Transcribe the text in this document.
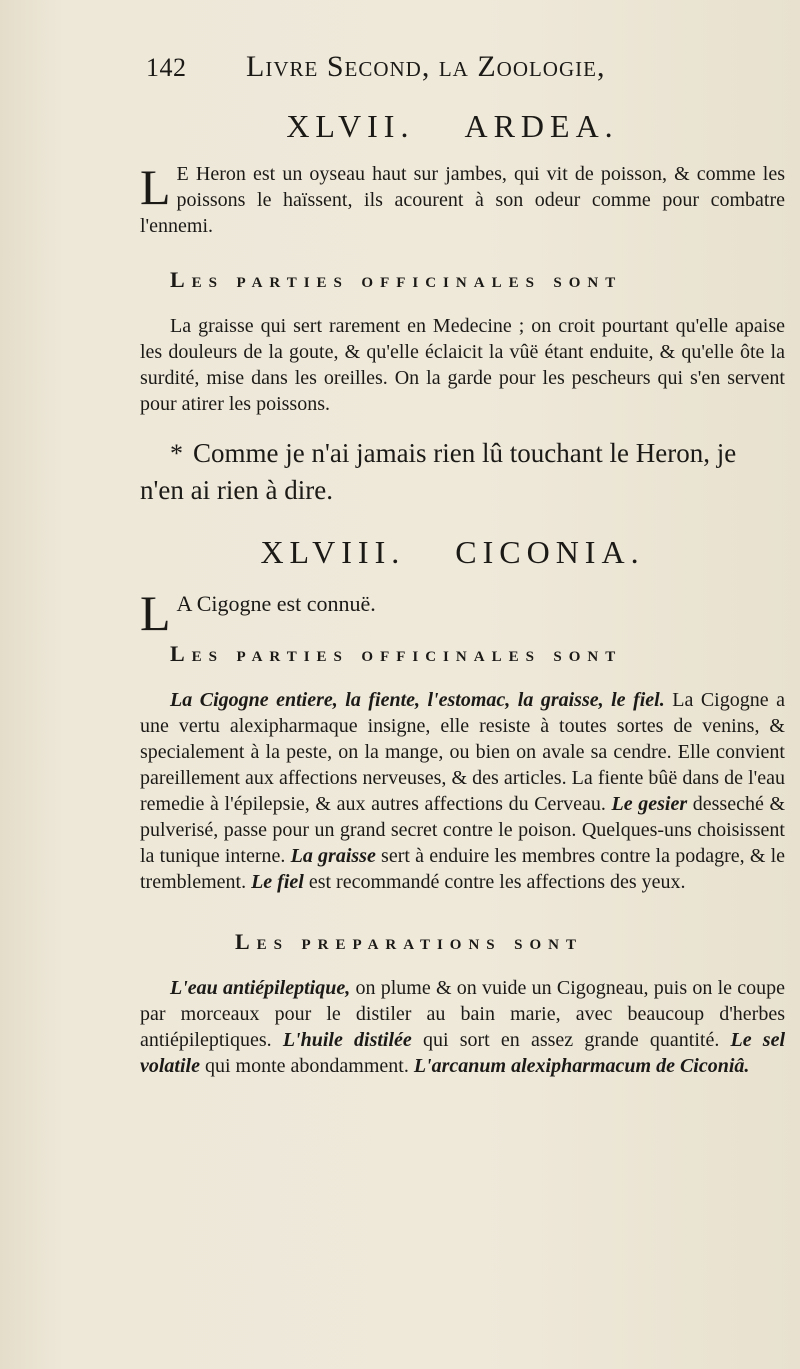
142	Livre Second, la Zoologie,
XLVII. ARDEA.

L E Heron est un oyseau haut sur jambes, qui vit de poisson, & comme les poissons le haïssent, ils acourent à son odeur comme pour combatre l'ennemi.

Les parties officinales sont

La graisse qui sert rarement en Medecine ; on croit pourtant qu'elle apaise les douleurs de la goute, & qu'elle éclaicit la vûë étant enduite, & qu'elle ôte la surdité, mise dans les oreilles. On la garde pour les pescheurs qui s'en servent pour atirer les poissons.

* Comme je n'ai jamais rien lû touchant le Heron, je n'en ai rien à dire.
XLVIII. CICONIA.

L A Cigogne est connuë.

Les parties officinales sont

La Cigogne entiere, la fiente, l'estomac, la graisse, le fiel. La Cigogne a une vertu alexipharmaque insigne, elle resiste à toutes sortes de venins, & specialement à la peste, on la mange, ou bien on avale sa cendre. Elle convient pareillement aux affections nerveuses, & des articles. La fiente bûë dans de l'eau remedie à l'épilepsie, & aux autres affections du Cerveau. Le gesier desseché & pulverisé, passe pour un grand secret contre le poison. Quelques-uns choisissent la tunique interne. La graisse sert à enduire les membres contre la podagre, & le tremblement. Le fiel est recommandé contre les affections des yeux.

Les preparations sont

L'eau antiépileptique, on plume & on vuide un Cigogneau, puis on le coupe par morceaux pour le distiler au bain marie, avec beaucoup d'herbes antiépileptiques. L'huile distilée qui sort en assez grande quantité. Le sel volatile qui monte abondamment. L'arcanum alexipharmacum de Ciconiâ.
